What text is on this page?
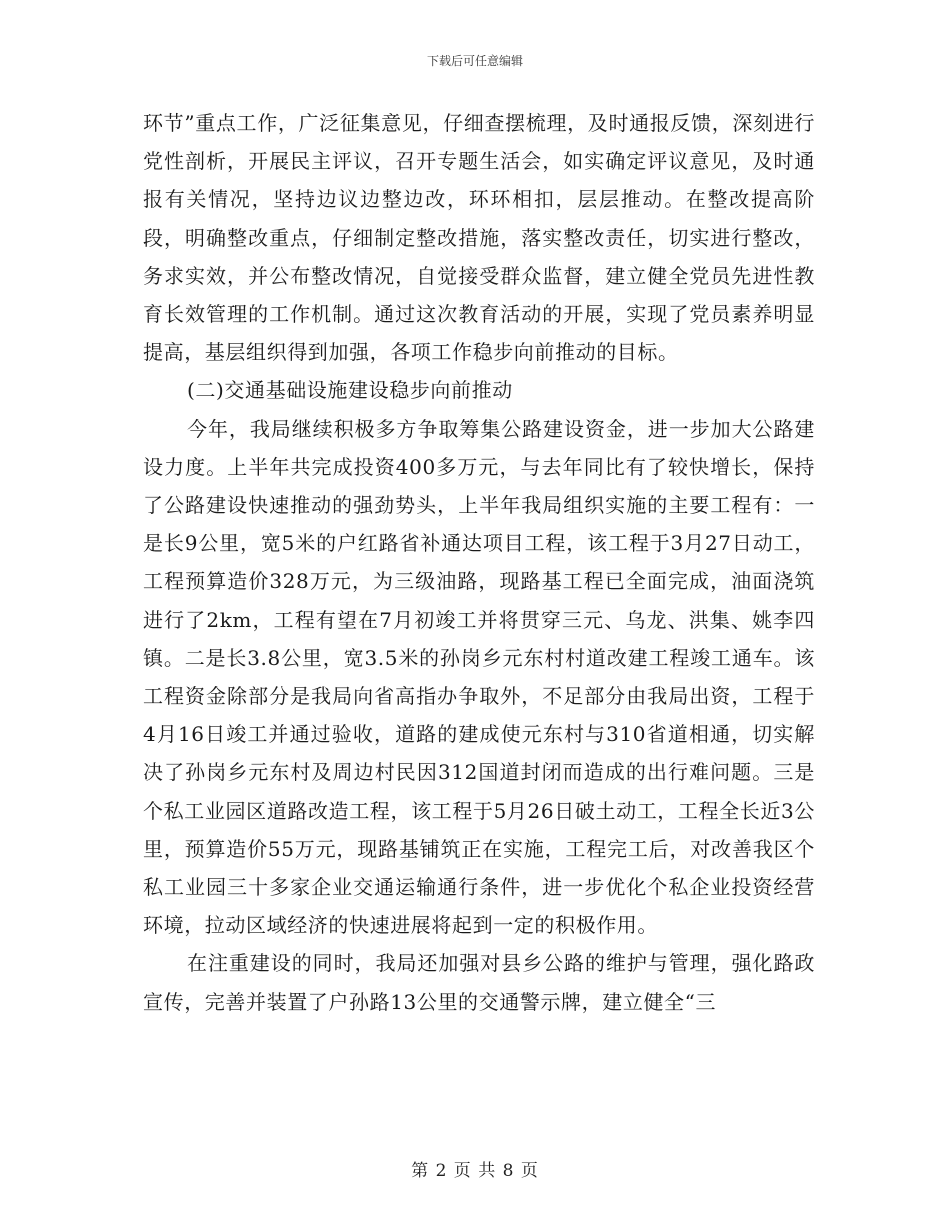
下载后可任意编辑

环节”重点工作，广泛征集意见，仔细查摆梳理，及时通报反馈，深刻进行党性剖析，开展民主评议，召开专题生活会，如实确定评议意见，及时通报有关情况，坚持边议边整边改，环环相扣，层层推动。在整改提高阶段，明确整改重点，仔细制定整改措施，落实整改责任，切实进行整改，务求实效，并公布整改情况，自觉接受群众监督，建立健全党员先进性教育长效管理的工作机制。通过这次教育活动的开展，实现了党员素养明显提高，基层组织得到加强，各项工作稳步向前推动的目标。

(二)交通基础设施建设稳步向前推动

今年，我局继续积极多方争取筹集公路建设资金，进一步加大公路建设力度。上半年共完成投资400多万元，与去年同比有了较快增长，保持了公路建设快速推动的强劲势头，上半年我局组织实施的主要工程有：一是长9公里，宽5米的户红路省补通达项目工程，该工程于3月27日动工，工程预算造价328万元，为三级油路，现路基工程已全面完成，油面浇筑进行了2km，工程有望在7月初竣工并将贯穿三元、乌龙、洪集、姚李四镇。二是长3.8公里，宽3.5米的孙岗乡元东村村道改建工程竣工通车。该工程资金除部分是我局向省高指办争取外，不足部分由我局出资，工程于4月16日竣工并通过验收，道路的建成使元东村与310省道相通，切实解决了孙岗乡元东村及周边村民因312国道封闭而造成的出行难问题。三是个私工业园区道路改造工程，该工程于5月26日破土动工，工程全长近3公里，预算造价55万元，现路基铺筑正在实施，工程完工后，对改善我区个私工业园三十多家企业交通运输通行条件，进一步优化个私企业投资经营环境，拉动区域经济的快速进展将起到一定的积极作用。

在注重建设的同时，我局还加强对县乡公路的维护与管理，强化路政宣传，完善并装置了户孙路13公里的交通警示牌，建立健全“三

第 2 页 共 8 页
